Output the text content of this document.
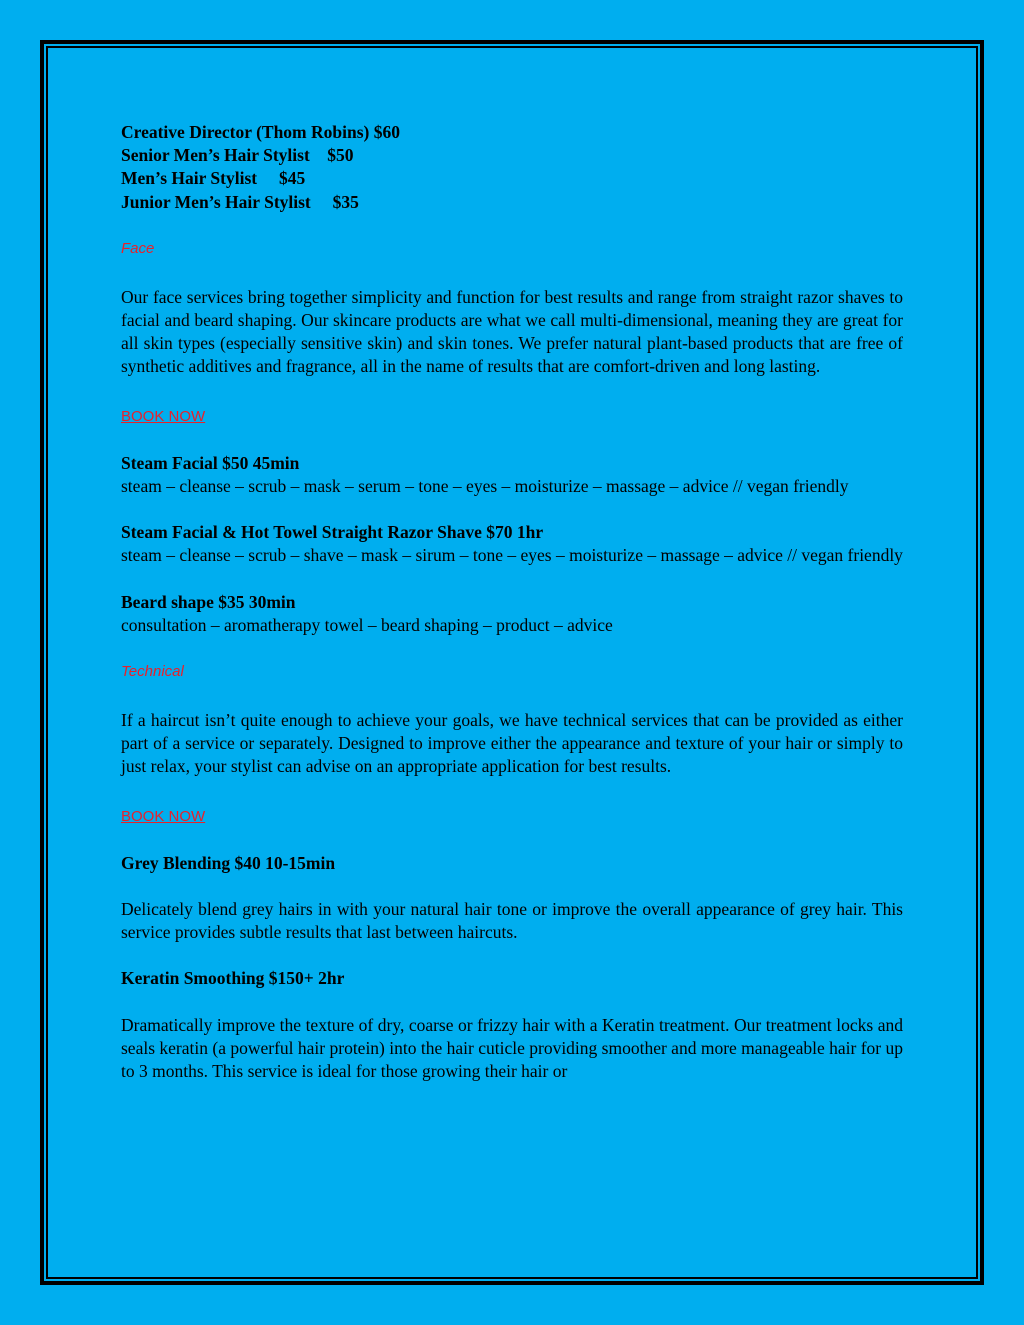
Creative Director (Thom Robins) $60

Senior Men’s Hair Stylist    $50

Men’s Hair Stylist     $45

Junior Men’s Hair Stylist     $35

Face

Our face services bring together simplicity and function for best results and range from straight razor shaves to facial and beard shaping. Our skincare products are what we call multi-dimensional, meaning they are great for all skin types (especially sensitive skin) and skin tones. We prefer natural plant-based products that are free of synthetic additives and fragrance, all in the name of results that are comfort-driven and long lasting.

BOOK NOW

Steam Facial $50 45min

steam – cleanse – scrub – mask – serum – tone – eyes – moisturize – massage – advice // vegan friendly

Steam Facial & Hot Towel Straight Razor Shave $70 1hr

steam – cleanse – scrub – shave – mask – sirum – tone – eyes – moisturize – massage – advice // vegan friendly

Beard shape $35 30min

consultation – aromatherapy towel – beard shaping – product – advice

Technical

If a haircut isn’t quite enough to achieve your goals, we have technical services that can be provided as either part of a service or separately. Designed to improve either the appearance and texture of your hair or simply to just relax, your stylist can advise on an appropriate application for best results.

BOOK NOW

Grey Blending $40 10-15min

Delicately blend grey hairs in with your natural hair tone or improve the overall appearance of grey hair. This service provides subtle results that last between haircuts.

Keratin Smoothing $150+ 2hr

Dramatically improve the texture of dry, coarse or frizzy hair with a Keratin treatment. Our treatment locks and seals keratin (a powerful hair protein) into the hair cuticle providing smoother and more manageable hair for up to 3 months. This service is ideal for those growing their hair or
